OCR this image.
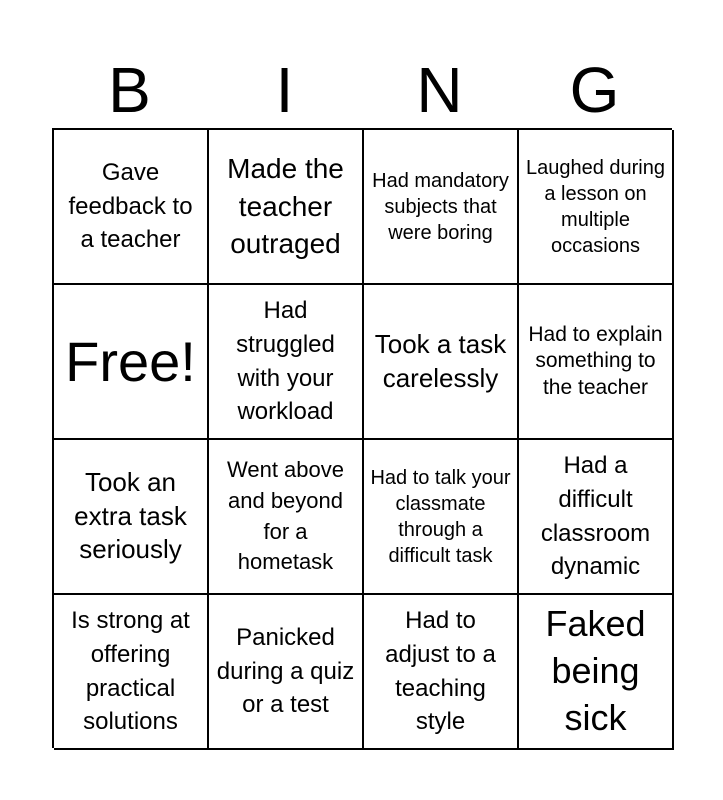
B	I	N	G
Gave feedback to a teacher
Made the teacher outraged
Had mandatory subjects that were boring
Laughed during a lesson on multiple occasions
Free!
Had struggled with your workload
Took a task carelessly
Had to explain something to the teacher
Took an extra task seriously
Went above and beyond for a hometask
Had to talk your classmate through a difficult task
Had a difficult classroom dynamic
Is strong at offering practical solutions
Panicked during a quiz or a test
Had to adjust to a teaching style
Faked being sick
